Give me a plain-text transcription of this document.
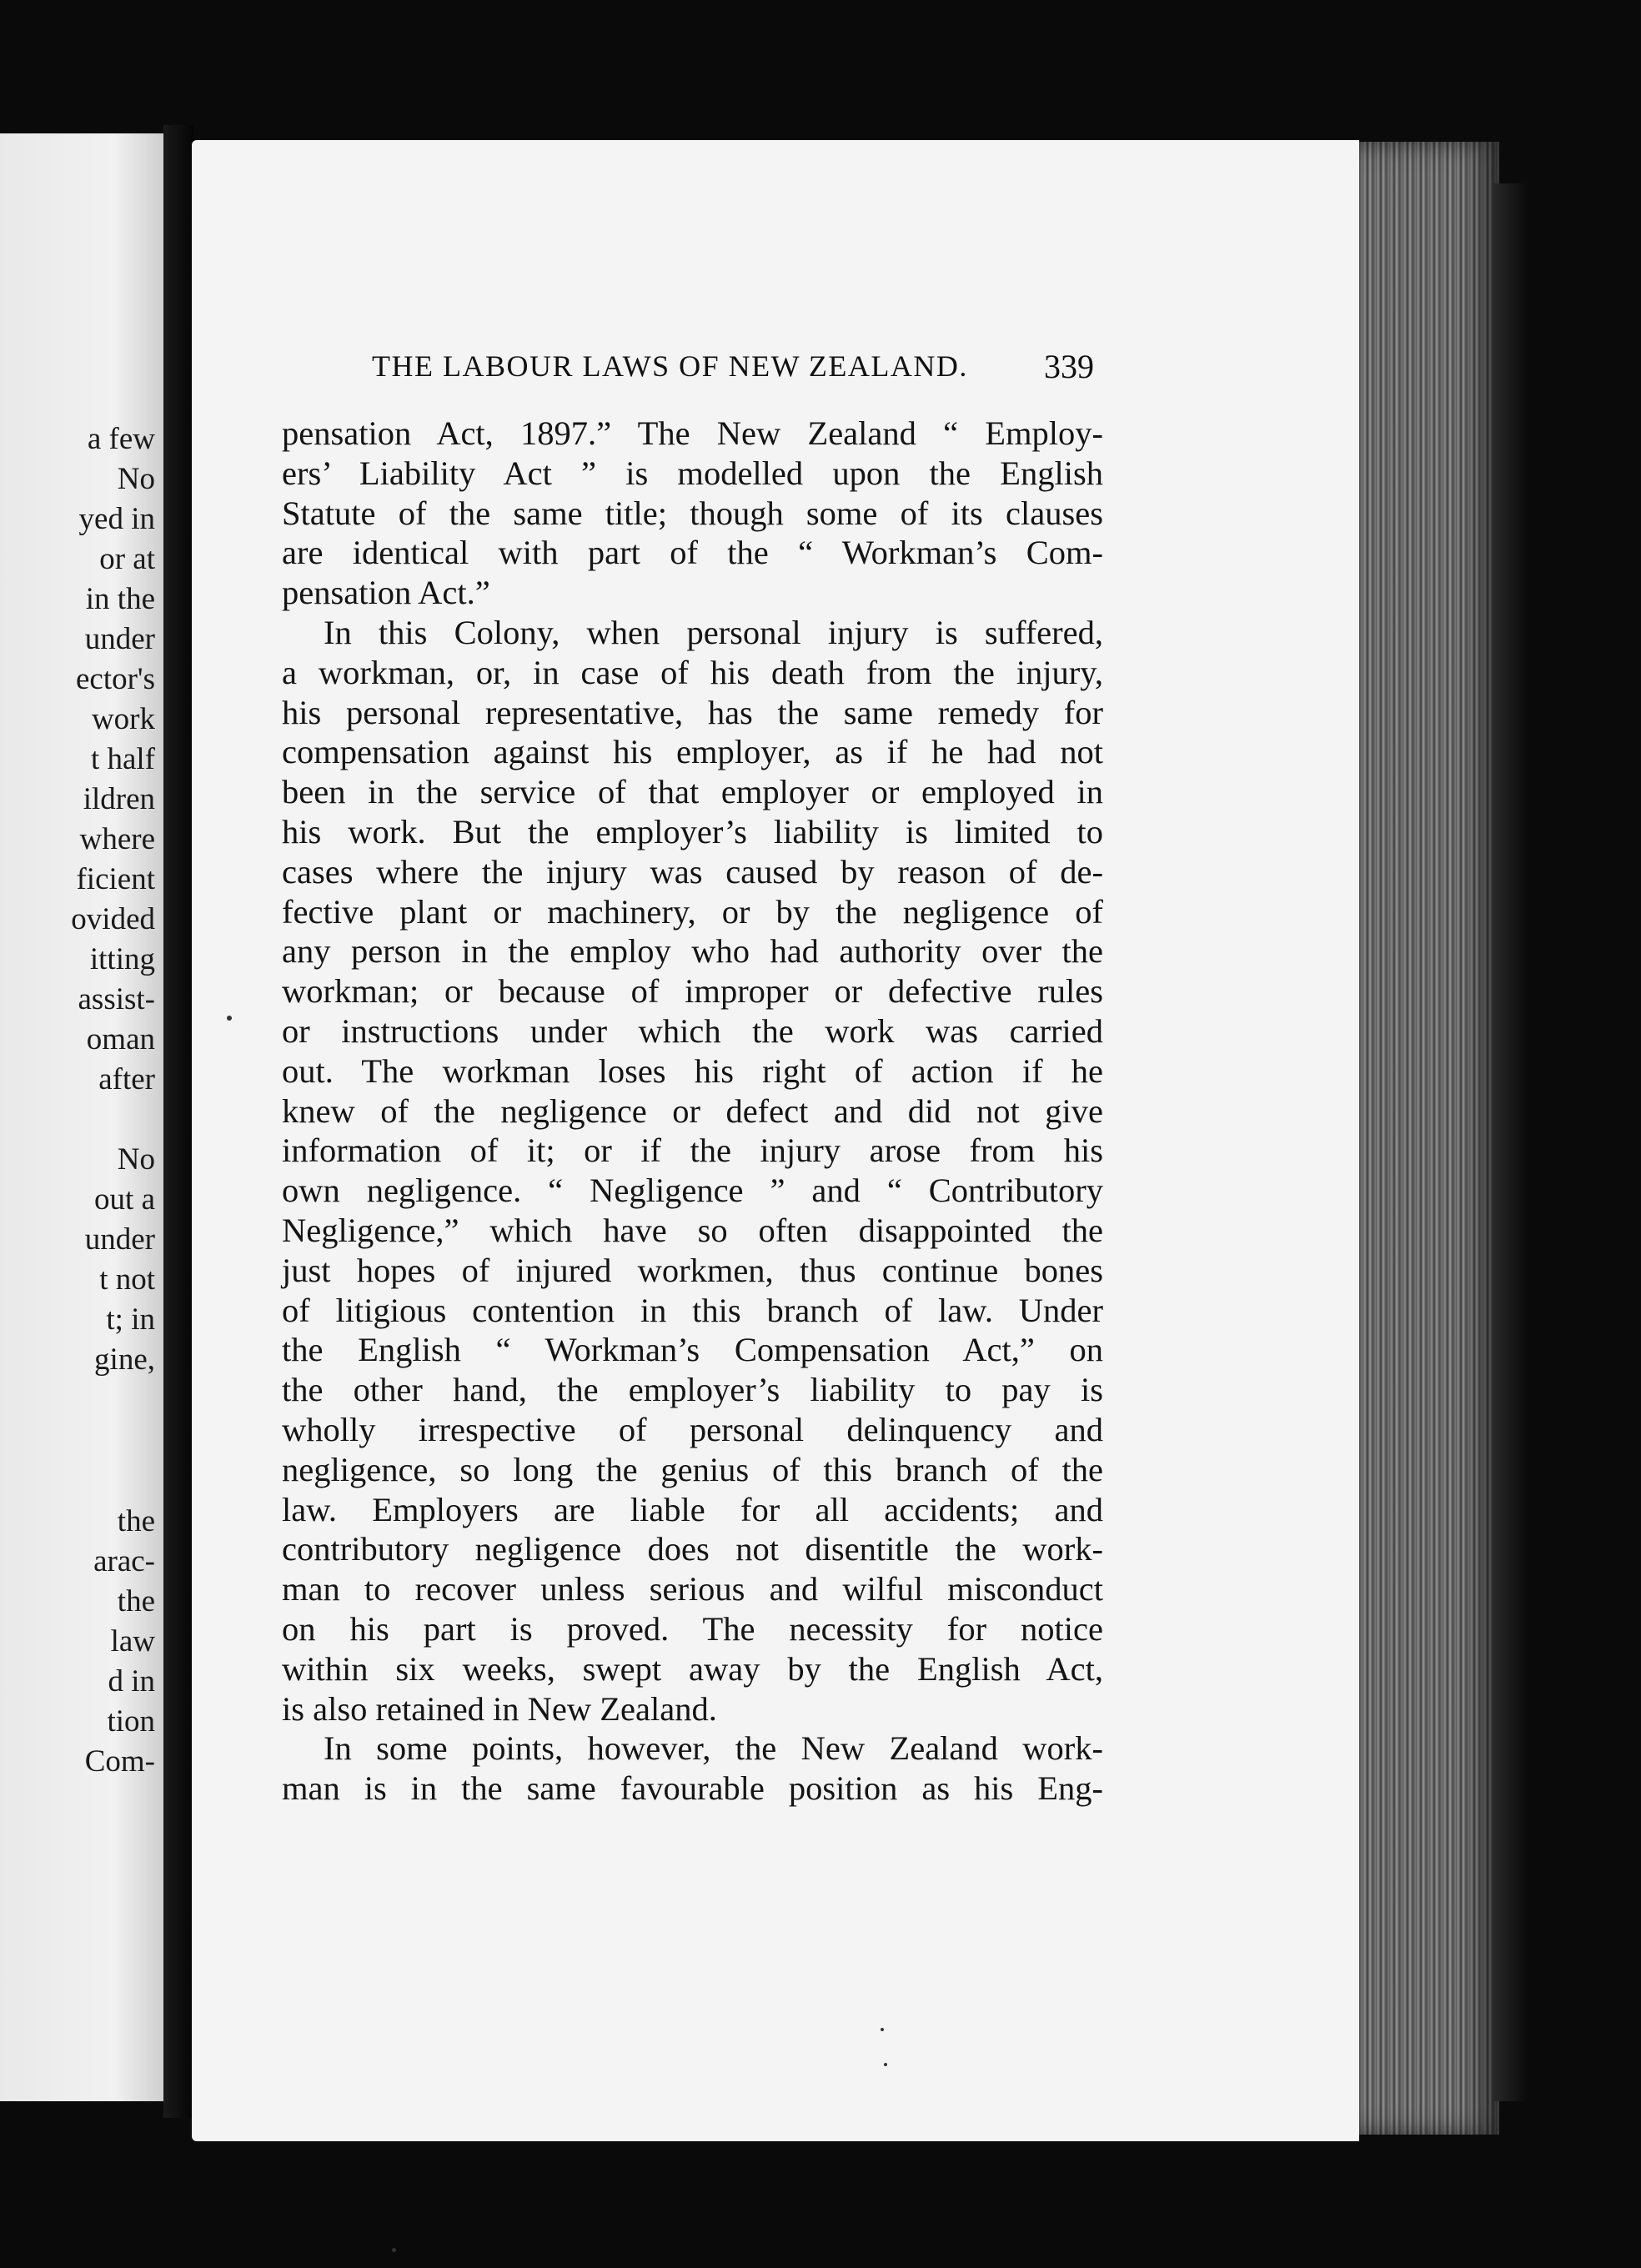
a few
No
yed in
or at
in the
under
ector's
work
t half
ildren
where
ficient
ovided
itting
assist-
oman
after
No
out a
under
t not
t; in
gine,
the
arac-
the
law
d in
tion
Com-
THE LABOUR LAWS OF NEW ZEALAND. 339
pensation Act, 1897.” The New Zealand “ Employ-
ers’ Liability Act ” is modelled upon the English
Statute of the same title; though some of its clauses
are identical with part of the “ Workman’s Com-
pensation Act.”
In this Colony, when personal injury is suffered,
a workman, or, in case of his death from the injury,
his personal representative, has the same remedy for
compensation against his employer, as if he had not
been in the service of that employer or employed in
his work. But the employer’s liability is limited to
cases where the injury was caused by reason of de-
fective plant or machinery, or by the negligence of
any person in the employ who had authority over the
workman; or because of improper or defective rules
or instructions under which the work was carried
out. The workman loses his right of action if he
knew of the negligence or defect and did not give
information of it; or if the injury arose from his
own negligence. “ Negligence ” and “ Contributory
Negligence,” which have so often disappointed the
just hopes of injured workmen, thus continue bones
of litigious contention in this branch of law. Under
the English “ Workman’s Compensation Act,” on
the other hand, the employer’s liability to pay is
wholly irrespective of personal delinquency and
negligence, so long the genius of this branch of the
law. Employers are liable for all accidents; and
contributory negligence does not disentitle the work-
man to recover unless serious and wilful misconduct
on his part is proved. The necessity for notice
within six weeks, swept away by the English Act,
is also retained in New Zealand.
In some points, however, the New Zealand work-
man is in the same favourable position as his Eng-
